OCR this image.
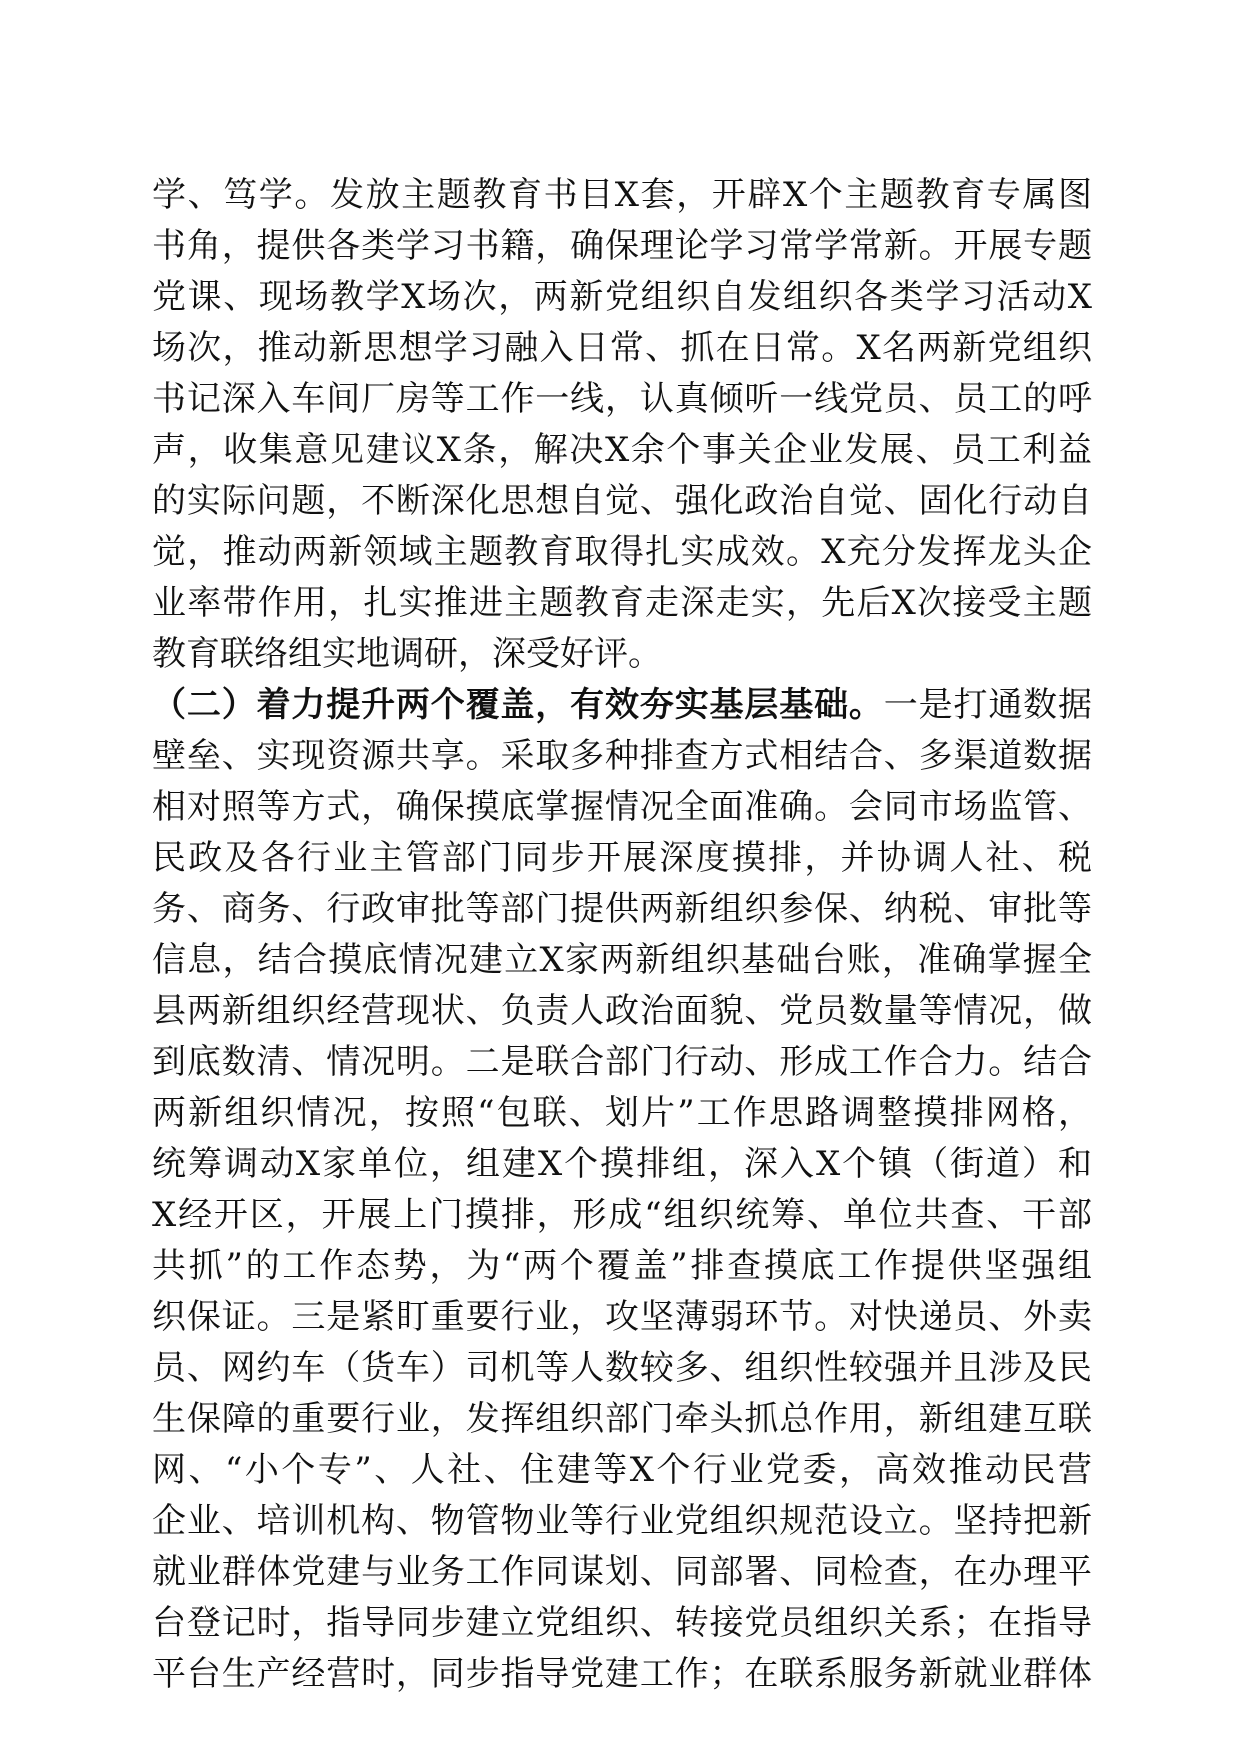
学、笃学。发放主题教育书目X套，开辟X个主题教育专属图
书角，提供各类学习书籍，确保理论学习常学常新。开展专题
党课、现场教学X场次，两新党组织自发组织各类学习活动X
场次，推动新思想学习融入日常、抓在日常。X名两新党组织
书记深入车间厂房等工作一线，认真倾听一线党员、员工的呼
声，收集意见建议X条，解决X余个事关企业发展、员工利益
的实际问题，不断深化思想自觉、强化政治自觉、固化行动自
觉，推动两新领域主题教育取得扎实成效。X充分发挥龙头企
业率带作用，扎实推进主题教育走深走实，先后X次接受主题
教育联络组实地调研，深受好评。
（二）着力提升两个覆盖，有效夯实基层基础。一是打通数据
壁垒、实现资源共享。采取多种排查方式相结合、多渠道数据
相对照等方式，确保摸底掌握情况全面准确。会同市场监管、
民政及各行业主管部门同步开展深度摸排，并协调人社、税
务、商务、行政审批等部门提供两新组织参保、纳税、审批等
信息，结合摸底情况建立X家两新组织基础台账，准确掌握全
县两新组织经营现状、负责人政治面貌、党员数量等情况，做
到底数清、情况明。二是联合部门行动、形成工作合力。结合
两新组织情况，按照“包联、划片”工作思路调整摸排网格，
统筹调动X家单位，组建X个摸排组，深入X个镇（街道）和
X经开区，开展上门摸排，形成“组织统筹、单位共查、干部
共抓”的工作态势，为“两个覆盖”排查摸底工作提供坚强组
织保证。三是紧盯重要行业，攻坚薄弱环节。对快递员、外卖
员、网约车（货车）司机等人数较多、组织性较强并且涉及民
生保障的重要行业，发挥组织部门牵头抓总作用，新组建互联
网、“小个专”、人社、住建等X个行业党委，高效推动民营
企业、培训机构、物管物业等行业党组织规范设立。坚持把新
就业群体党建与业务工作同谋划、同部署、同检查，在办理平
台登记时，指导同步建立党组织、转接党员组织关系；在指导
平台生产经营时，同步指导党建工作；在联系服务新就业群体
